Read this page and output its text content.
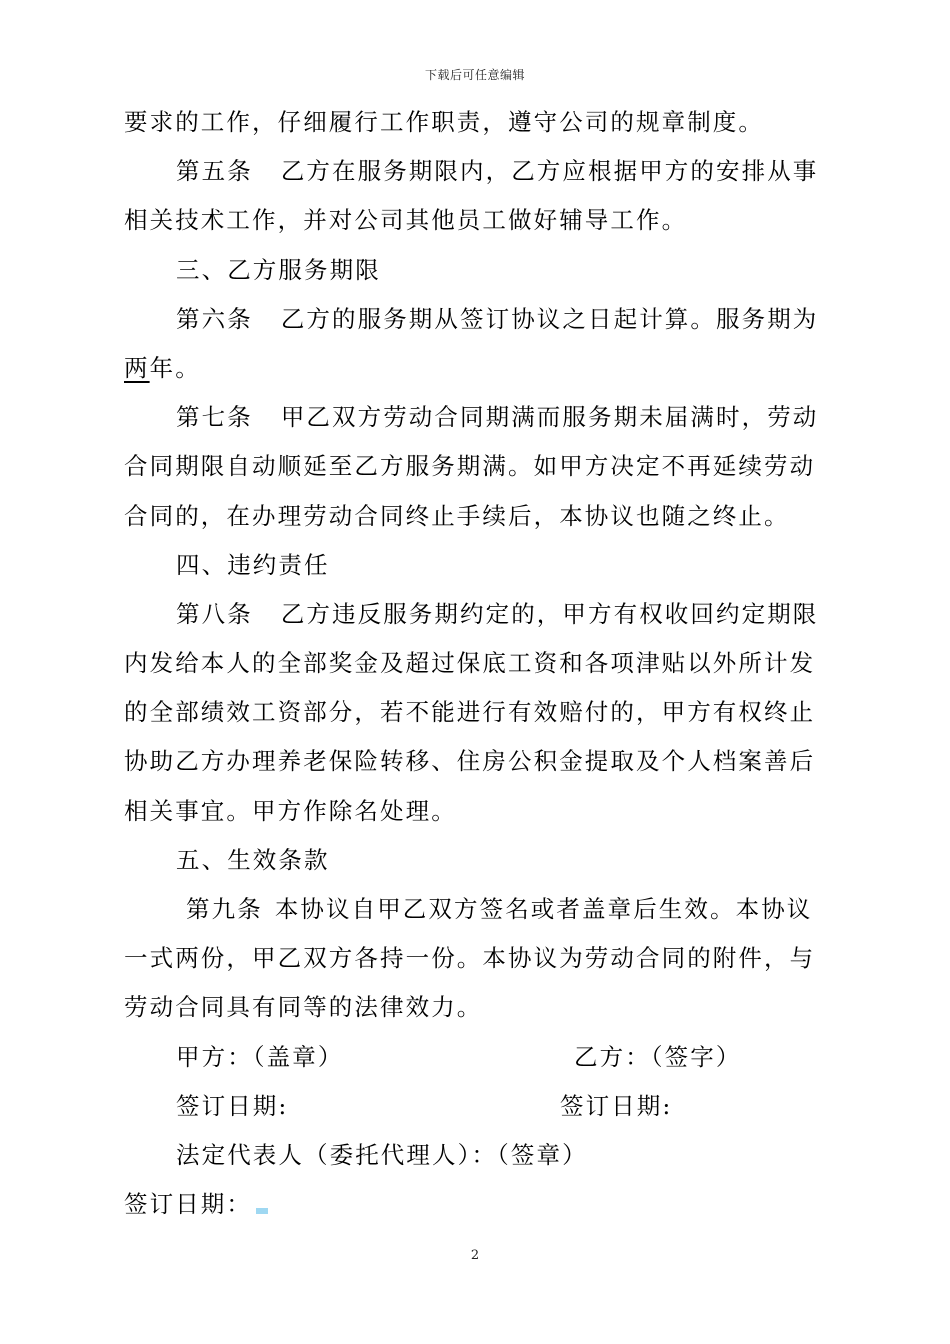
下载后可任意编辑
要求的工作，仔细履行工作职责，遵守公司的规章制度。
第五条 乙方在服务期限内，乙方应根据甲方的安排从事
相关技术工作，并对公司其他员工做好辅导工作。
三、乙方服务期限
第六条 乙方的服务期从签订协议之日起计算。服务期为
两年。
第七条 甲乙双方劳动合同期满而服务期未届满时，劳动
合同期限自动顺延至乙方服务期满。如甲方决定不再延续劳动
合同的，在办理劳动合同终止手续后，本协议也随之终止。
四、违约责任
第八条 乙方违反服务期约定的，甲方有权收回约定期限
内发给本人的全部奖金及超过保底工资和各项津贴以外所计发
的全部绩效工资部分，若不能进行有效赔付的，甲方有权终止
协助乙方办理养老保险转移、住房公积金提取及个人档案善后
相关事宜。甲方作除名处理。
五、生效条款
第九条 本协议自甲乙双方签名或者盖章后生效。本协议
一式两份，甲乙双方各持一份。本协议为劳动合同的附件，与
劳动合同具有同等的法律效力。
甲方：（盖章）	乙方：（签字）
签订日期:	签订日期:
法定代表人（委托代理人）：（签章）
签订日期：
2
